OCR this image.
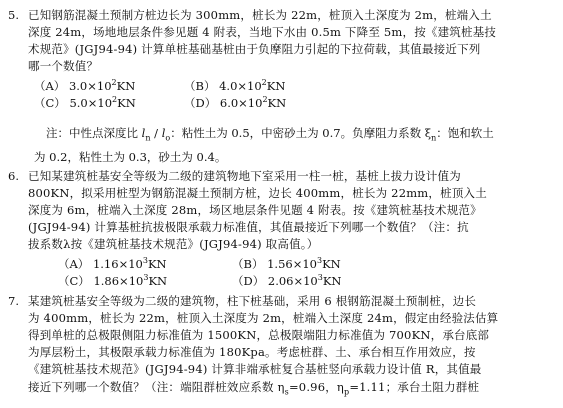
5. 已知钢筋混凝土预制方桩边长为 300mm，桩长为 22m，桩顶入土深度为 2m，桩端入土
深度 24m，场地地层条件参见题 4 附表，当地下水由 0.5m 下降至 5m，按《建筑桩基技
术规范》(JGJ94-94) 计算单桩基础基桩由于负摩阻力引起的下拉荷载，其值最接近下列
哪一个数值？
（A） $3.0\times 10^2KN$	（B） $4.0\times 10^2KN$
（C） $5.0\times 10^2KN$	（D） $6.0\times 10^2KN$
注：中性点深度比 $l_n / l_o$：粘性土为 0.5，中密砂土为 0.7。负摩阻力系数 $\xi_n$：饱和软土
为 0.2，粘性土为 0.3，砂土为 0.4。
6. 已知某建筑桩基安全等级为二级的建筑物地下室采用一柱一桩，基桩上拔力设计值为
800KN，拟采用桩型为钢筋混凝土预制方桩，边长 400mm，桩长为 22mm，桩顶入土
深度为 6m，桩端入土深度 28m，场区地层条件见题 4 附表。按《建筑桩基技术规范》
(JGJ94-94) 计算基桩抗拔极限承载力标准值，其值最接近下列哪一个数值？（注：抗
拔系数λ按《建筑桩基技术规范》(JGJ94-94) 取高值。）
（A） $1.16\times 10^3KN$	（B） $1.56\times 10^3KN$
（C） $1.86\times 10^3KN$	（D） $2.06\times 10^3KN$
7. 某建筑桩基安全等级为二级的建筑物，柱下桩基础，采用 6 根钢筋混凝土预制桩，边长
为 400mm，桩长为 22m，桩顶入土深度为 2m，桩端入土深度 24m，假定由经验法估算
得到单桩的总极限侧阻力标准值为 1500KN，总极限端阻力标准值为 700KN，承台底部
为厚层粉土，其极限承载力标准值为 180Kpa。考虑桩群、土、承台相互作用效应，按
《建筑桩基技术规范》(JGJ94-94) 计算非端承桩复合基桩竖向承载力设计值 R，其值最
接近下列哪一个数值？（注：端阻群桩效应系数 $\eta_s=0.96$，$\eta_p=1.11$；承台土阻力群桩
